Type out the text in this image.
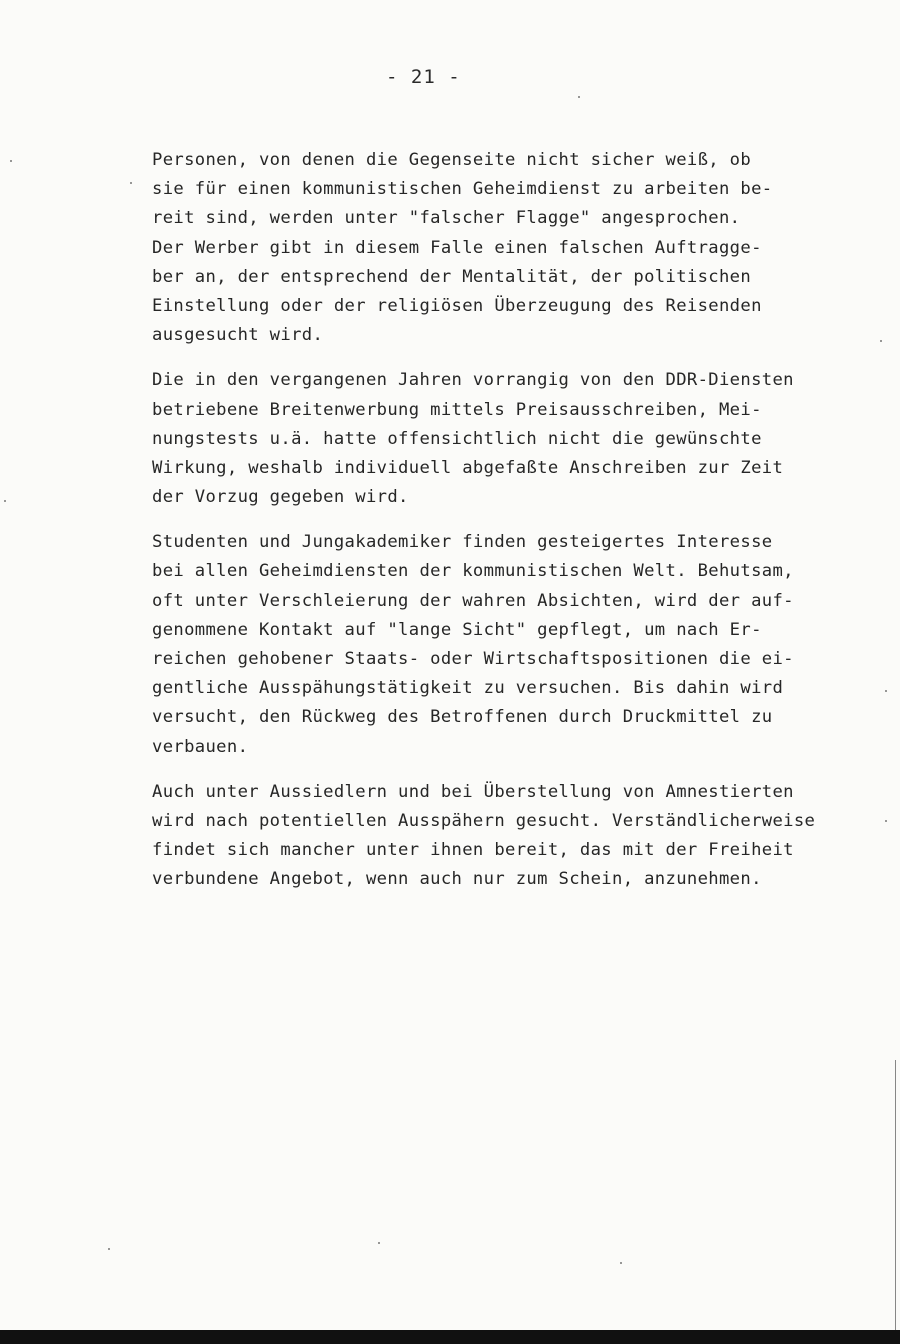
- 21 -
Personen, von denen die Gegenseite nicht sicher weiß, ob
sie für einen kommunistischen Geheimdienst zu arbeiten be-
reit sind, werden unter "falscher Flagge" angesprochen.
Der Werber gibt in diesem Falle einen falschen Auftragge-
ber an, der entsprechend der Mentalität, der politischen
Einstellung oder der religiösen Überzeugung des Reisenden
ausgesucht wird.
Die in den vergangenen Jahren vorrangig von den DDR-Diensten
betriebene Breitenwerbung mittels Preisausschreiben, Mei-
nungstests u.ä. hatte offensichtlich nicht die gewünschte
Wirkung, weshalb individuell abgefaßte Anschreiben zur Zeit
der Vorzug gegeben wird.
Studenten und Jungakademiker finden gesteigertes Interesse
bei allen Geheimdiensten der kommunistischen Welt. Behutsam,
oft unter Verschleierung der wahren Absichten, wird der auf-
genommene Kontakt auf "lange Sicht" gepflegt, um nach Er-
reichen gehobener Staats- oder Wirtschaftspositionen die ei-
gentliche Ausspähungstätigkeit zu versuchen. Bis dahin wird
versucht, den Rückweg des Betroffenen durch Druckmittel zu
verbauen.
Auch unter Aussiedlern und bei Überstellung von Amnestierten
wird nach potentiellen Ausspähern gesucht. Verständlicherweise
findet sich mancher unter ihnen bereit, das mit der Freiheit
verbundene Angebot, wenn auch nur zum Schein, anzunehmen.
